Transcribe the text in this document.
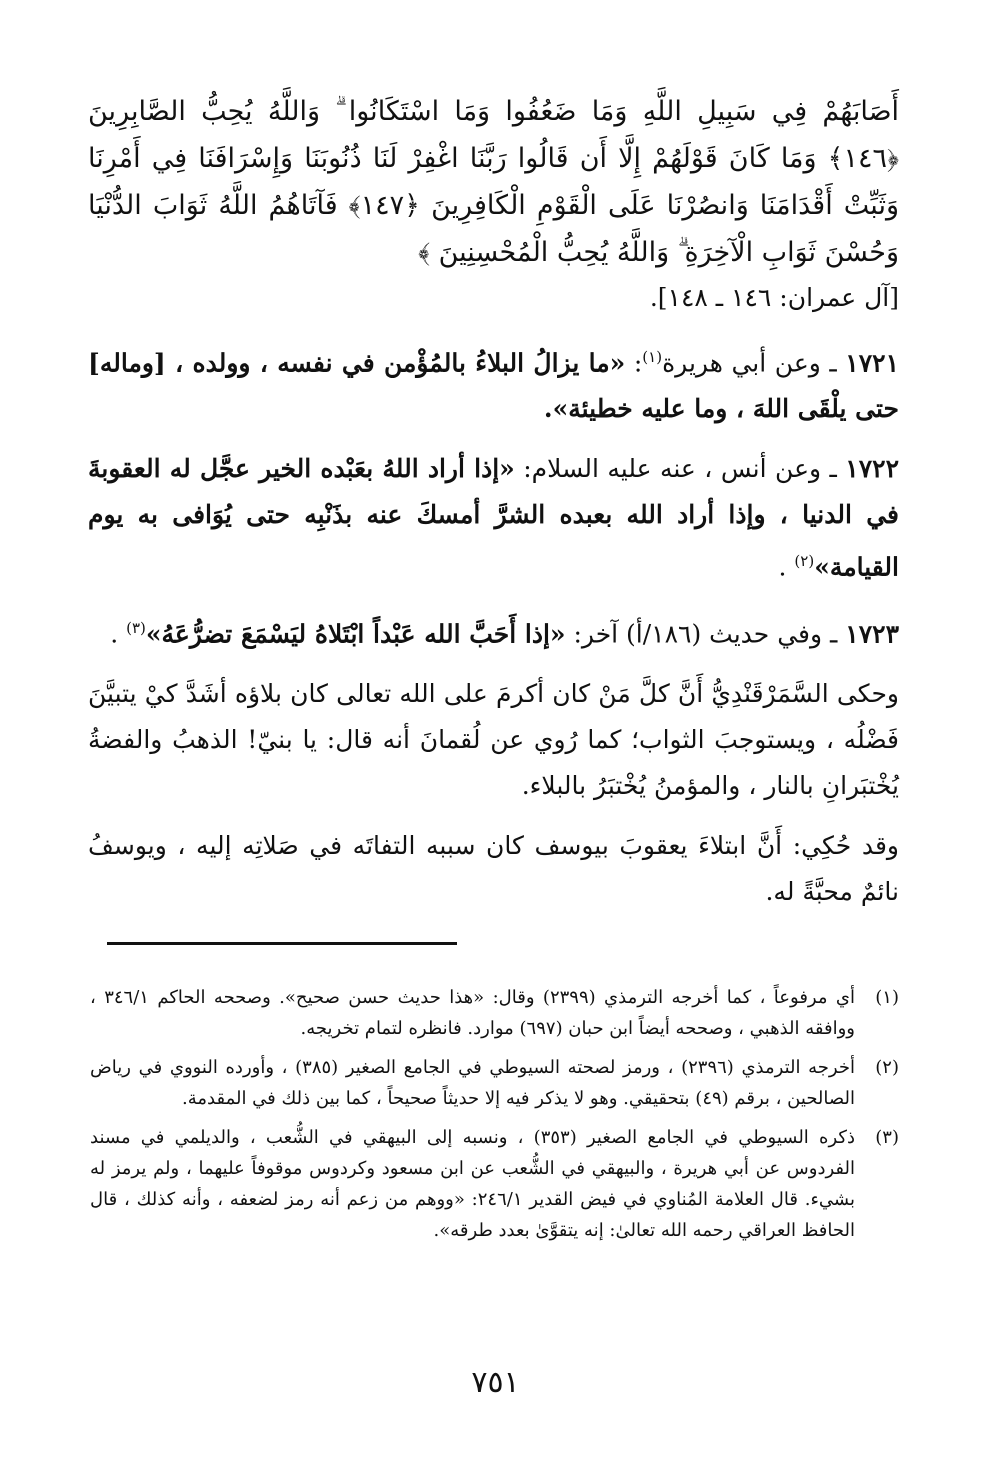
أَصَابَهُمْ فِي سَبِيلِ اللَّهِ وَمَا ضَعُفُوا وَمَا اسْتَكَانُوا ۗ وَاللَّهُ يُحِبُّ الصَّابِرِينَ ﴿١٤٦﴾ وَمَا كَانَ قَوْلَهُمْ إِلَّا أَن قَالُوا رَبَّنَا اغْفِرْ لَنَا ذُنُوبَنَا وَإِسْرَافَنَا فِي أَمْرِنَا وَثَبِّتْ أَقْدَامَنَا وَانصُرْنَا عَلَى الْقَوْمِ الْكَافِرِينَ ﴿١٤٧﴾ فَآتَاهُمُ اللَّهُ ثَوَابَ الدُّنْيَا وَحُسْنَ ثَوَابِ الْآخِرَةِ ۗ وَاللَّهُ يُحِبُّ الْمُحْسِنِينَ ﴾

[آل عمران: ١٤٦ ـ ١٤٨].

١٧٢١ ـ وعن أبي هريرة$^{(١)}$: «ما يزالُ البلاءُ بالمُؤْمن في نفسه ، وولده ، [وماله] حتى يلْقَى اللهَ ، وما عليه خطيئة».

١٧٢٢ ـ وعن أنس ، عنه عليه السلام: «إذا أراد اللهُ بعَبْده الخير عجَّل له العقوبةَ في الدنيا ، وإذا أراد الله بعبده الشرَّ أمسكَ عنه بذَنْبِه حتى يُوَافى به يوم القيامة»$^{(٢)}$ .

١٧٢٣ ـ وفي حديث (١٨٦/أ) آخر: «إذا أَحَبَّ الله عَبْداً ابْتَلاهُ ليَسْمَعَ تضرُّعَهُ»$^{(٣)}$ .

وحكى السَّمَرْقَنْدِيُّ أَنَّ كلَّ مَنْ كان أكرمَ على الله تعالى كان بلاؤه أشَدَّ كيْ يتبيَّنَ فَضْلُه ، ويستوجبَ الثواب؛ كما رُوي عن لُقمانَ أنه قال: يا بنيّ! الذهبُ والفضةُ يُخْتبَرانِ بالنار ، والمؤمنُ يُخْتبَرُ بالبلاء.

وقد حُكِي: أَنَّ ابتلاءَ يعقوبَ بيوسف كان سببه التفاتَه في صَلاتِه إليه ، ويوسفُ نائمٌ محبَّةً له.

(١)
أي مرفوعاً ، كما أخرجه الترمذي (٢٣٩٩) وقال: «هذا حديث حسن صحيح». وصححه الحاكم ٣٤٦/١ ، ووافقه الذهبي ، وصححه أيضاً ابن حبان (٦٩٧) موارد. فانظره لتمام تخريجه.
(٢)
أخرجه الترمذي (٢٣٩٦) ، ورمز لصحته السيوطي في الجامع الصغير (٣٨٥) ، وأورده النووي في رياض الصالحين ، برقم (٤٩) بتحقيقي. وهو لا يذكر فيه إلا حديثاً صحيحاً ، كما بين ذلك في المقدمة.
(٣)
ذكره السيوطي في الجامع الصغير (٣٥٣) ، ونسبه إلى البيهقي في الشُّعب ، والديلمي في مسند الفردوس عن أبي هريرة ، والبيهقي في الشُّعب عن ابن مسعود وكردوس موقوفاً عليهما ، ولم يرمز له بشيء. قال العلامة المُناوي في فيض القدير ٢٤٦/١: «ووهم من زعم أنه رمز لضعفه ، وأنه كذلك ، قال الحافظ العراقي رحمه الله تعالىٰ: إنه يتقوَّىٰ بعدد طرقه».
٧٥١
